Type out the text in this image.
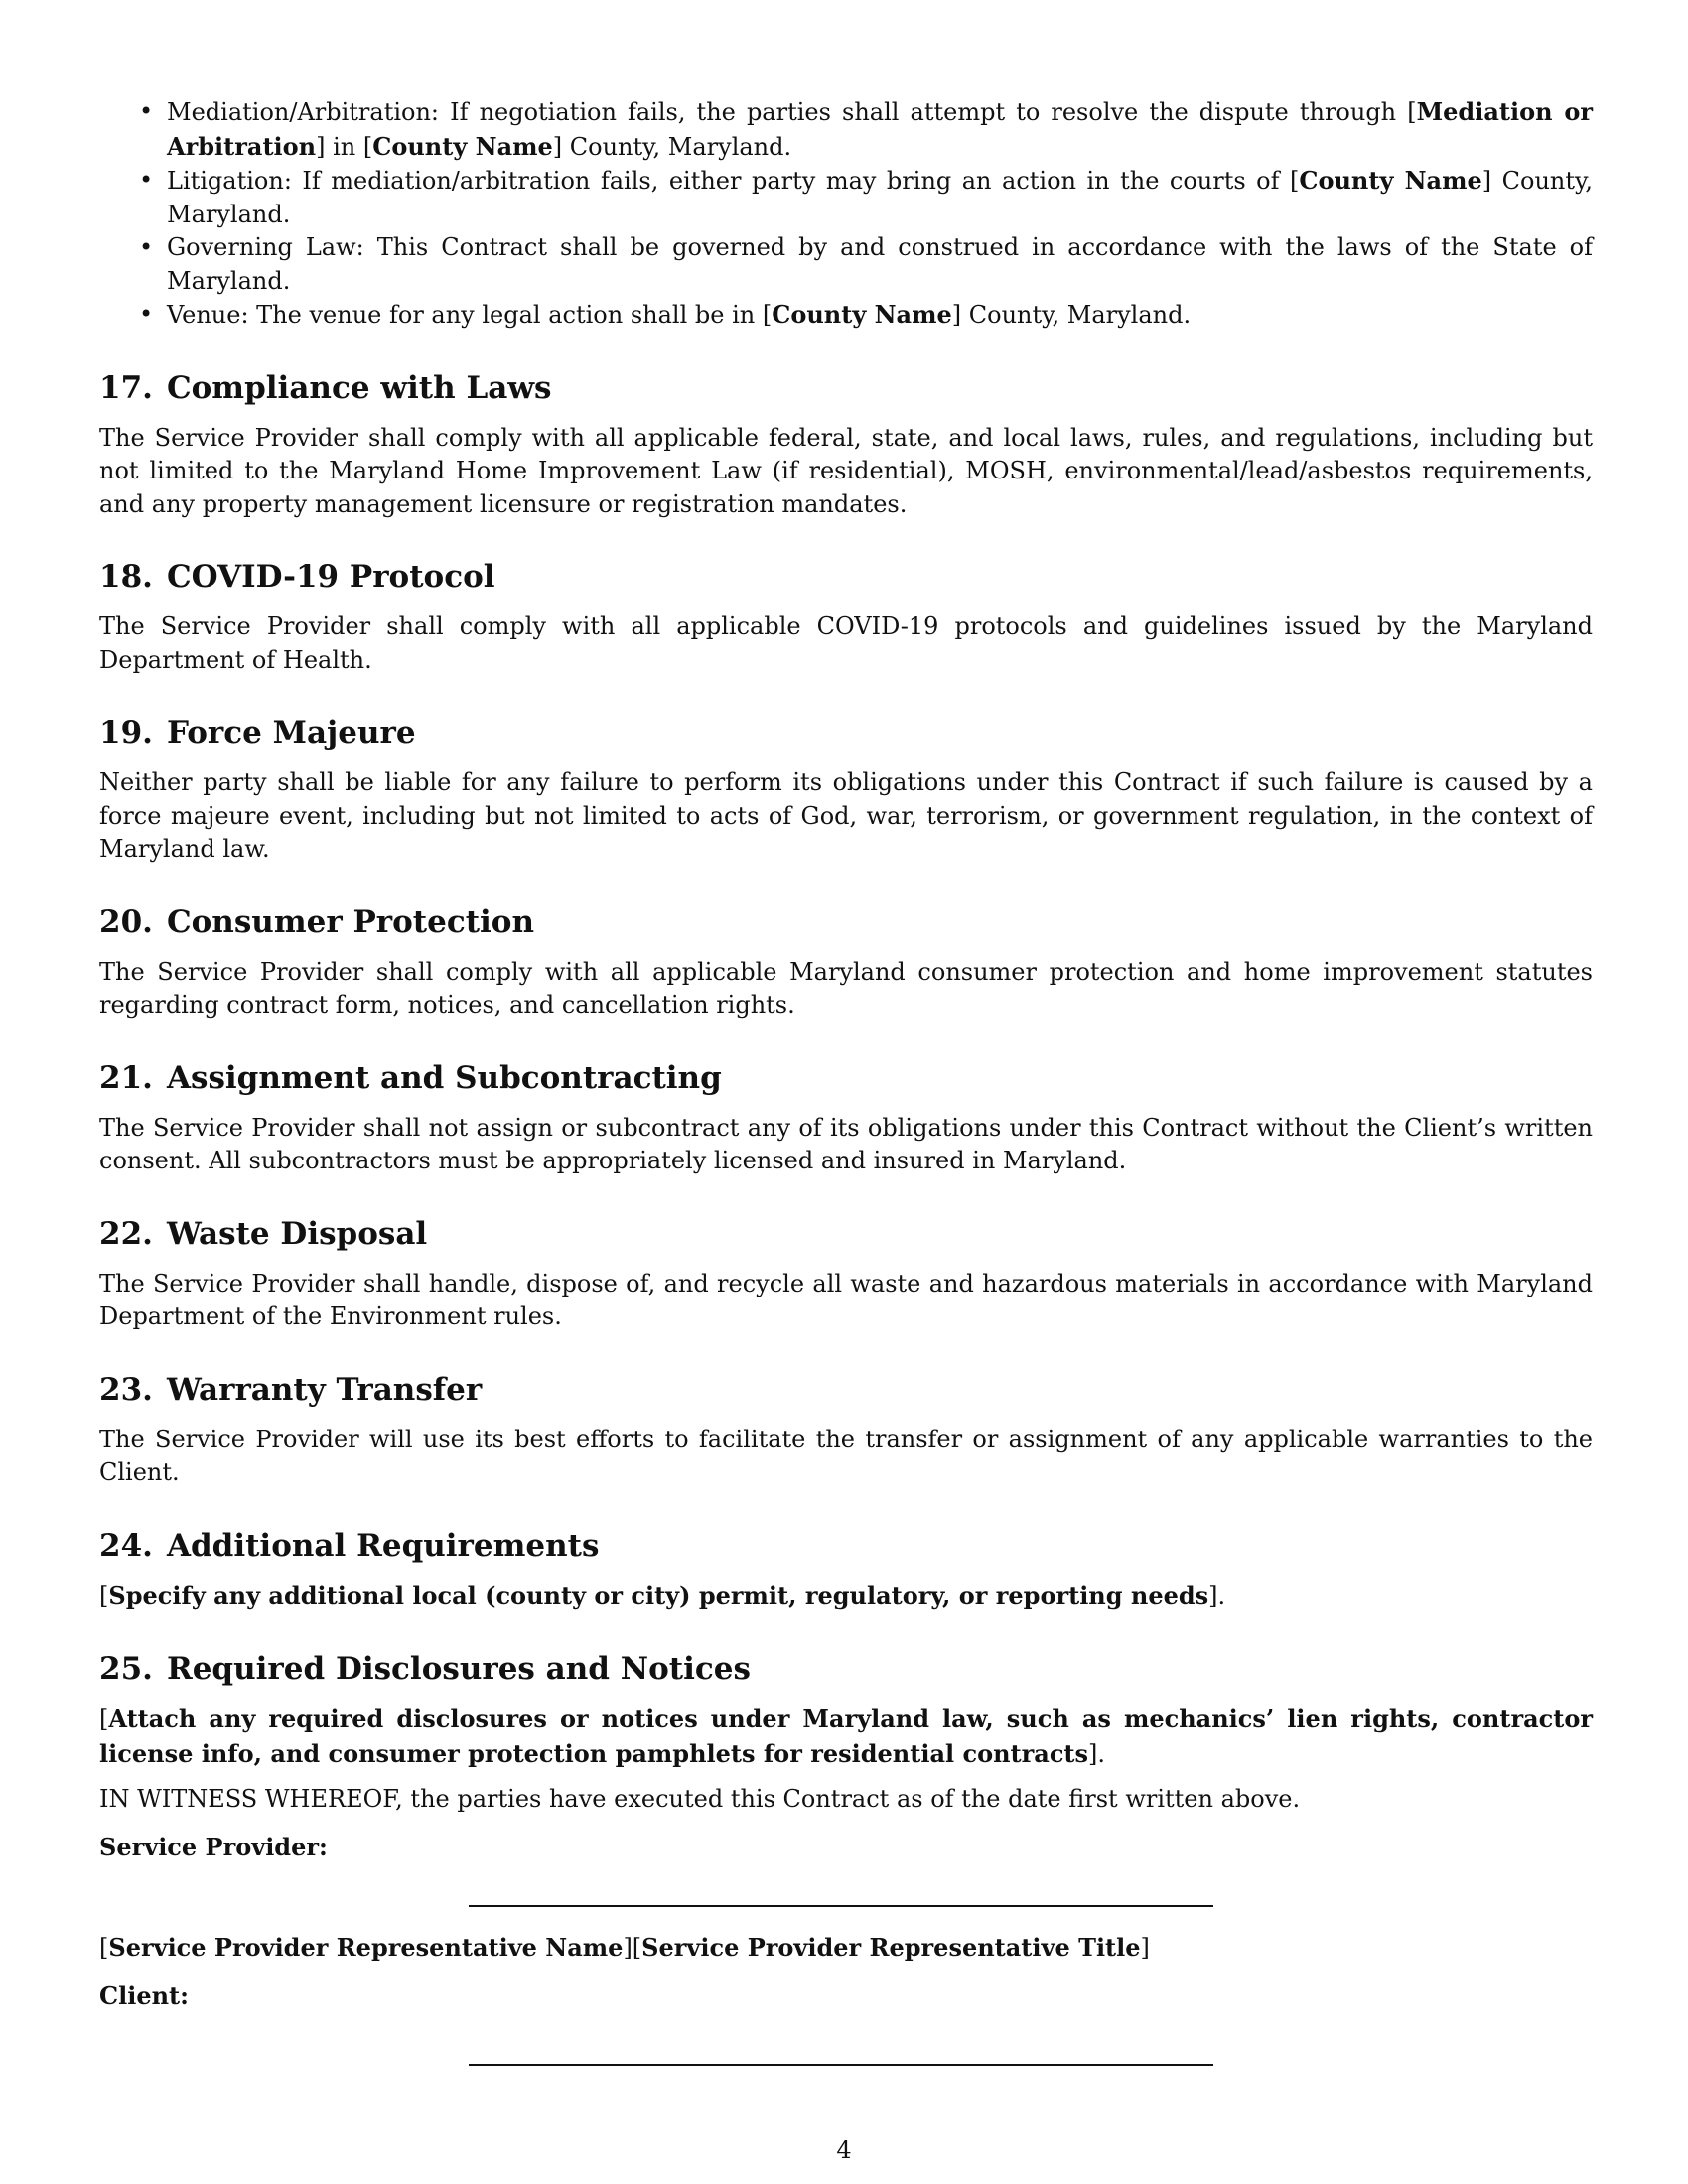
• Mediation/Arbitration: If negotiation fails, the parties shall attempt to resolve the dispute through [Mediation or Arbitration] in [County Name] County, Maryland.
• Litigation: If mediation/arbitration fails, either party may bring an action in the courts of [County Name] County, Maryland.
• Governing Law: This Contract shall be governed by and construed in accordance with the laws of the State of Maryland.
• Venue: The venue for any legal action shall be in [County Name] County, Maryland.
17. Compliance with Laws

The Service Provider shall comply with all applicable federal, state, and local laws, rules, and regulations, including but not limited to the Maryland Home Improvement Law (if residential), MOSH, environmental/lead/asbestos requirements, and any property management licensure or registration mandates.

18. COVID-19 Protocol

The Service Provider shall comply with all applicable COVID-19 protocols and guidelines issued by the Maryland Department of Health.

19. Force Majeure

Neither party shall be liable for any failure to perform its obligations under this Contract if such failure is caused by a force majeure event, including but not limited to acts of God, war, terrorism, or government regulation, in the context of Maryland law.

20. Consumer Protection

The Service Provider shall comply with all applicable Maryland consumer protection and home improvement statutes regarding contract form, notices, and cancellation rights.

21. Assignment and Subcontracting

The Service Provider shall not assign or subcontract any of its obligations under this Contract without the Client’s written consent. All subcontractors must be appropriately licensed and insured in Maryland.

22. Waste Disposal

The Service Provider shall handle, dispose of, and recycle all waste and hazardous materials in accordance with Maryland Department of the Environment rules.

23. Warranty Transfer

The Service Provider will use its best efforts to facilitate the transfer or assignment of any applicable warranties to the Client.

24. Additional Requirements

[Specify any additional local (county or city) permit, regulatory, or reporting needs].

25. Required Disclosures and Notices

[Attach any required disclosures or notices under Maryland law, such as mechanics’ lien rights, contractor license info, and consumer protection pamphlets for residential contracts].

IN WITNESS WHEREOF, the parties have executed this Contract as of the date first written above.

Service Provider:

[Service Provider Representative Name][Service Provider Representative Title]

Client:
4
